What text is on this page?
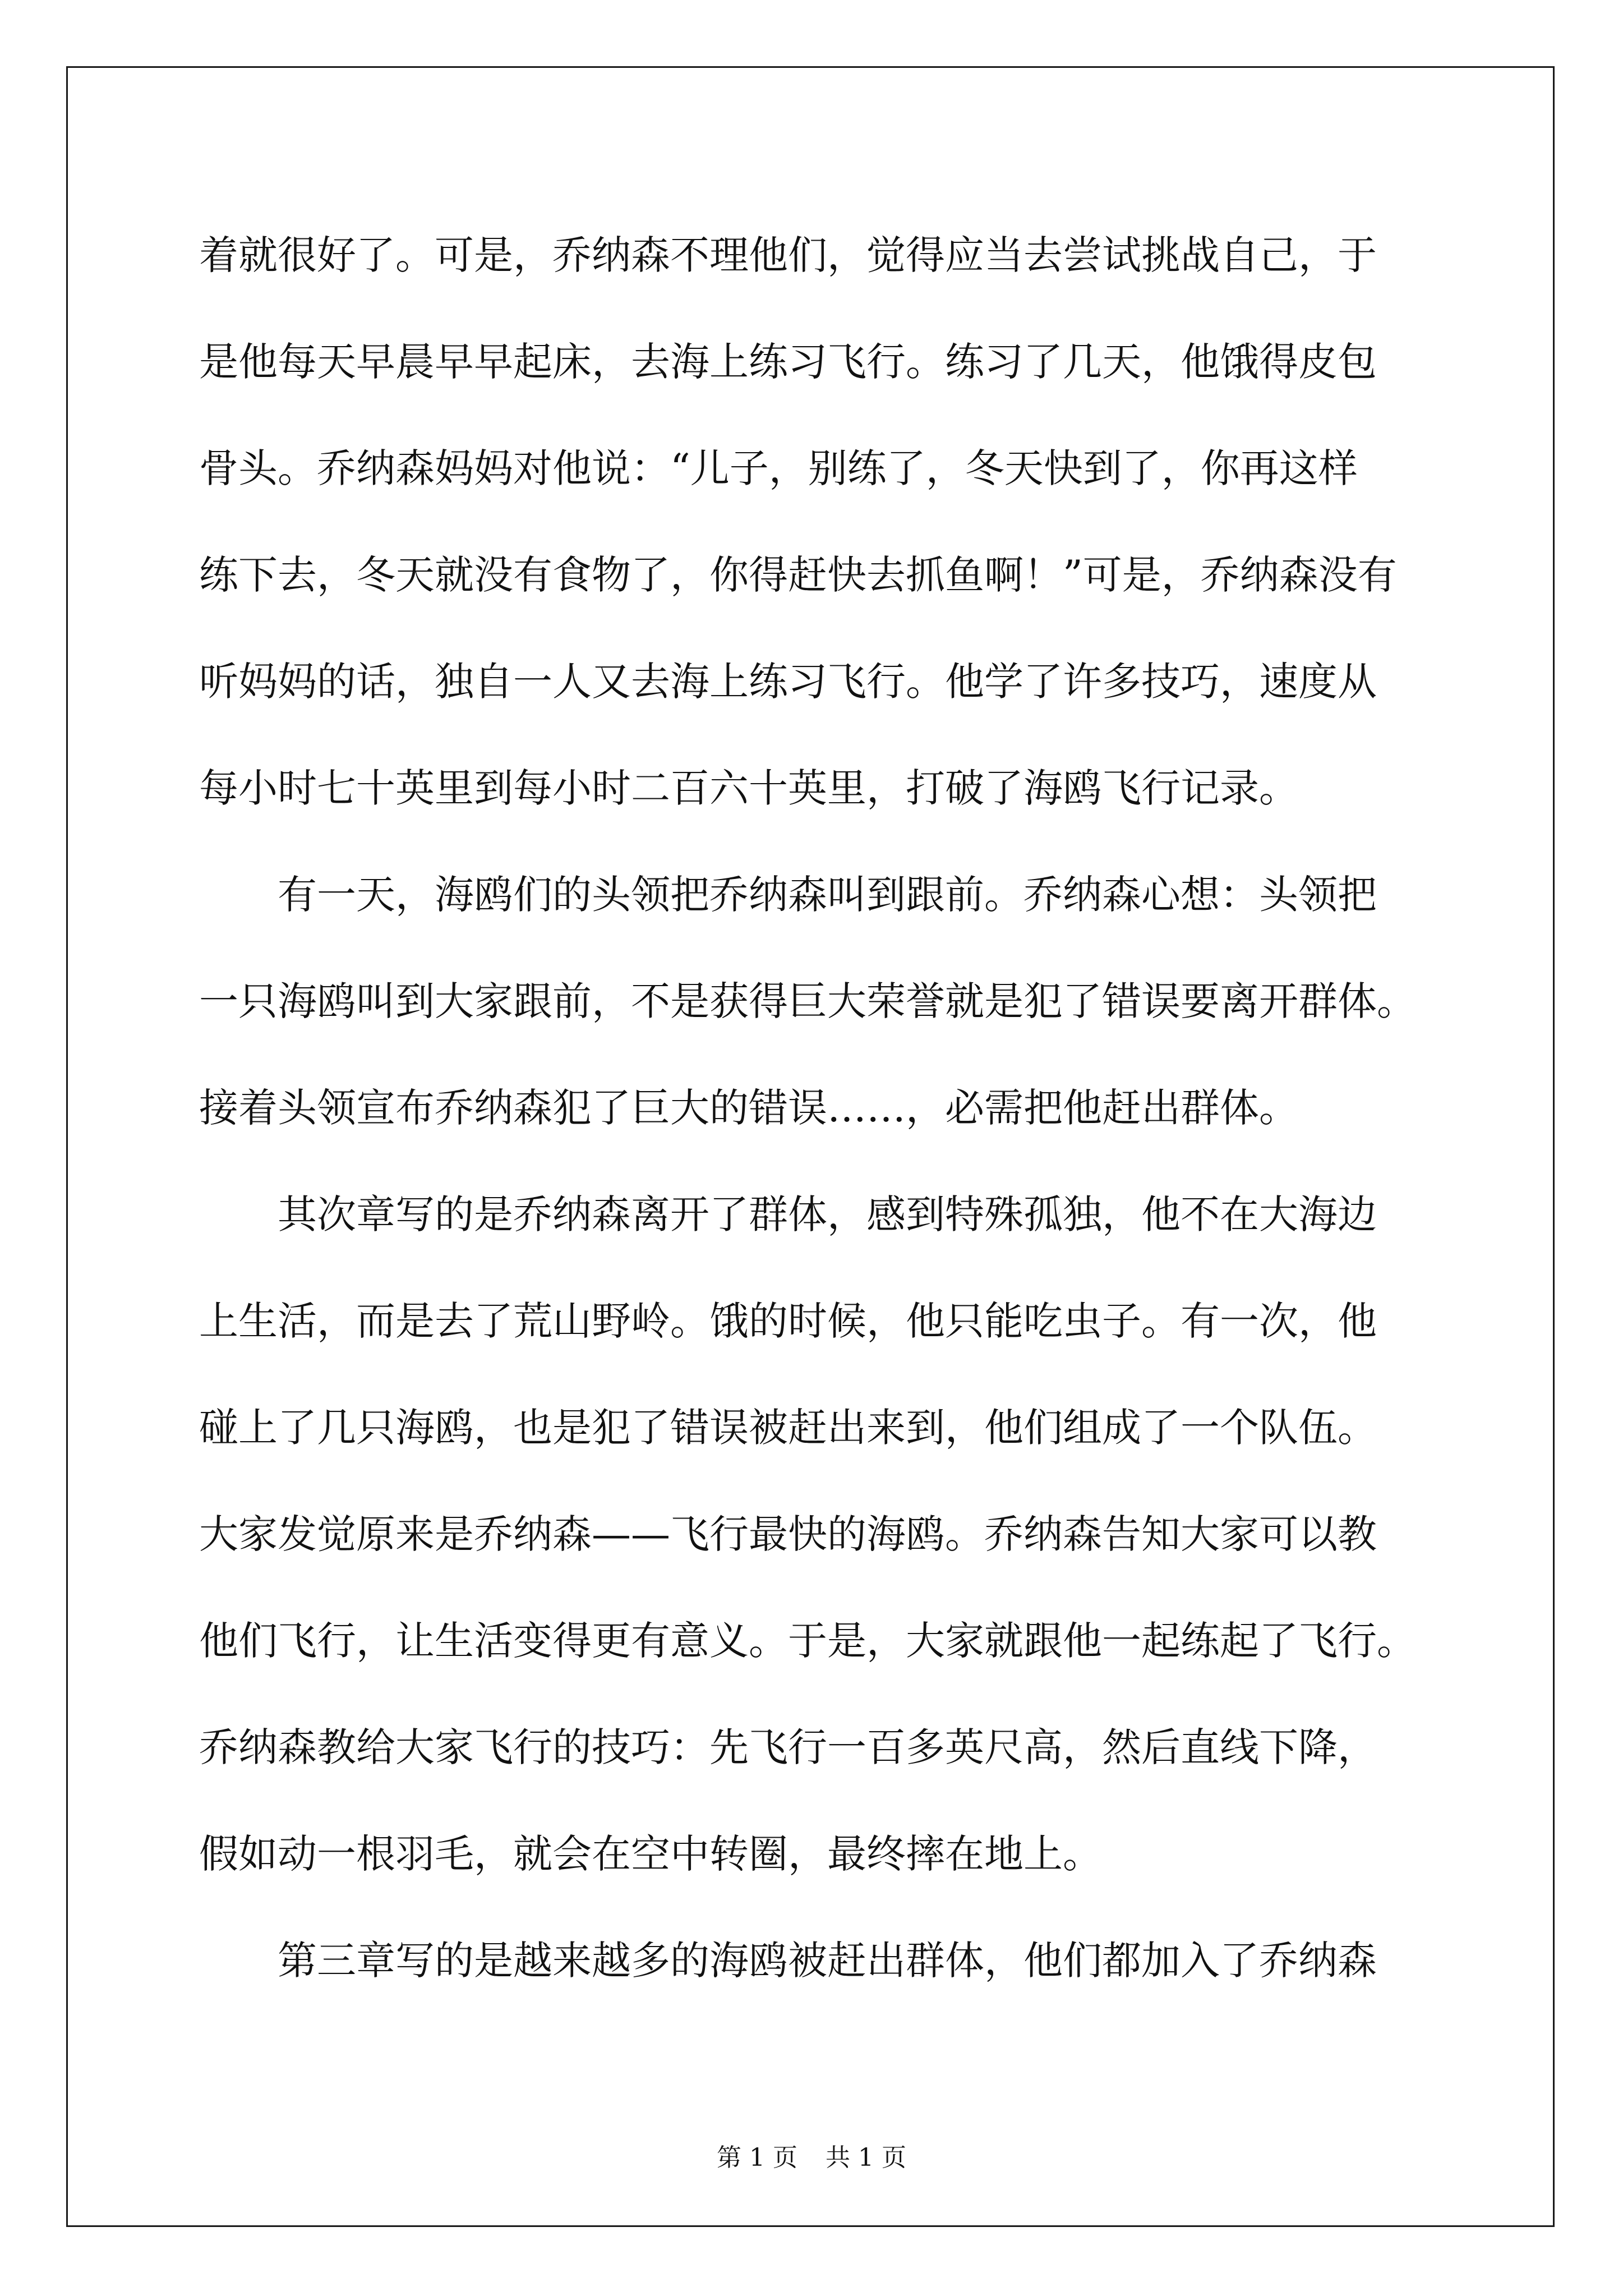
着就很好了。可是，乔纳森不理他们，觉得应当去尝试挑战自己，于
是他每天早晨早早起床，去海上练习飞行。练习了几天，他饿得皮包
骨头。乔纳森妈妈对他说：“儿子，别练了，冬天快到了，你再这样
练下去，冬天就没有食物了，你得赶快去抓鱼啊！”可是，乔纳森没有
听妈妈的话，独自一人又去海上练习飞行。他学了许多技巧，速度从
每小时七十英里到每小时二百六十英里，打破了海鸥飞行记录。
有一天，海鸥们的头领把乔纳森叫到跟前。乔纳森心想：头领把
一只海鸥叫到大家跟前，不是获得巨大荣誉就是犯了错误要离开群体。
接着头领宣布乔纳森犯了巨大的错误……，必需把他赶出群体。
其次章写的是乔纳森离开了群体，感到特殊孤独，他不在大海边
上生活，而是去了荒山野岭。饿的时候，他只能吃虫子。有一次，他
碰上了几只海鸥，也是犯了错误被赶出来到，他们组成了一个队伍。
大家发觉原来是乔纳森——飞行最快的海鸥。乔纳森告知大家可以教
他们飞行，让生活变得更有意义。于是，大家就跟他一起练起了飞行。
乔纳森教给大家飞行的技巧：先飞行一百多英尺高，然后直线下降，
假如动一根羽毛，就会在空中转圈，最终摔在地上。
第三章写的是越来越多的海鸥被赶出群体，他们都加入了乔纳森
第 1 页 共 1 页
